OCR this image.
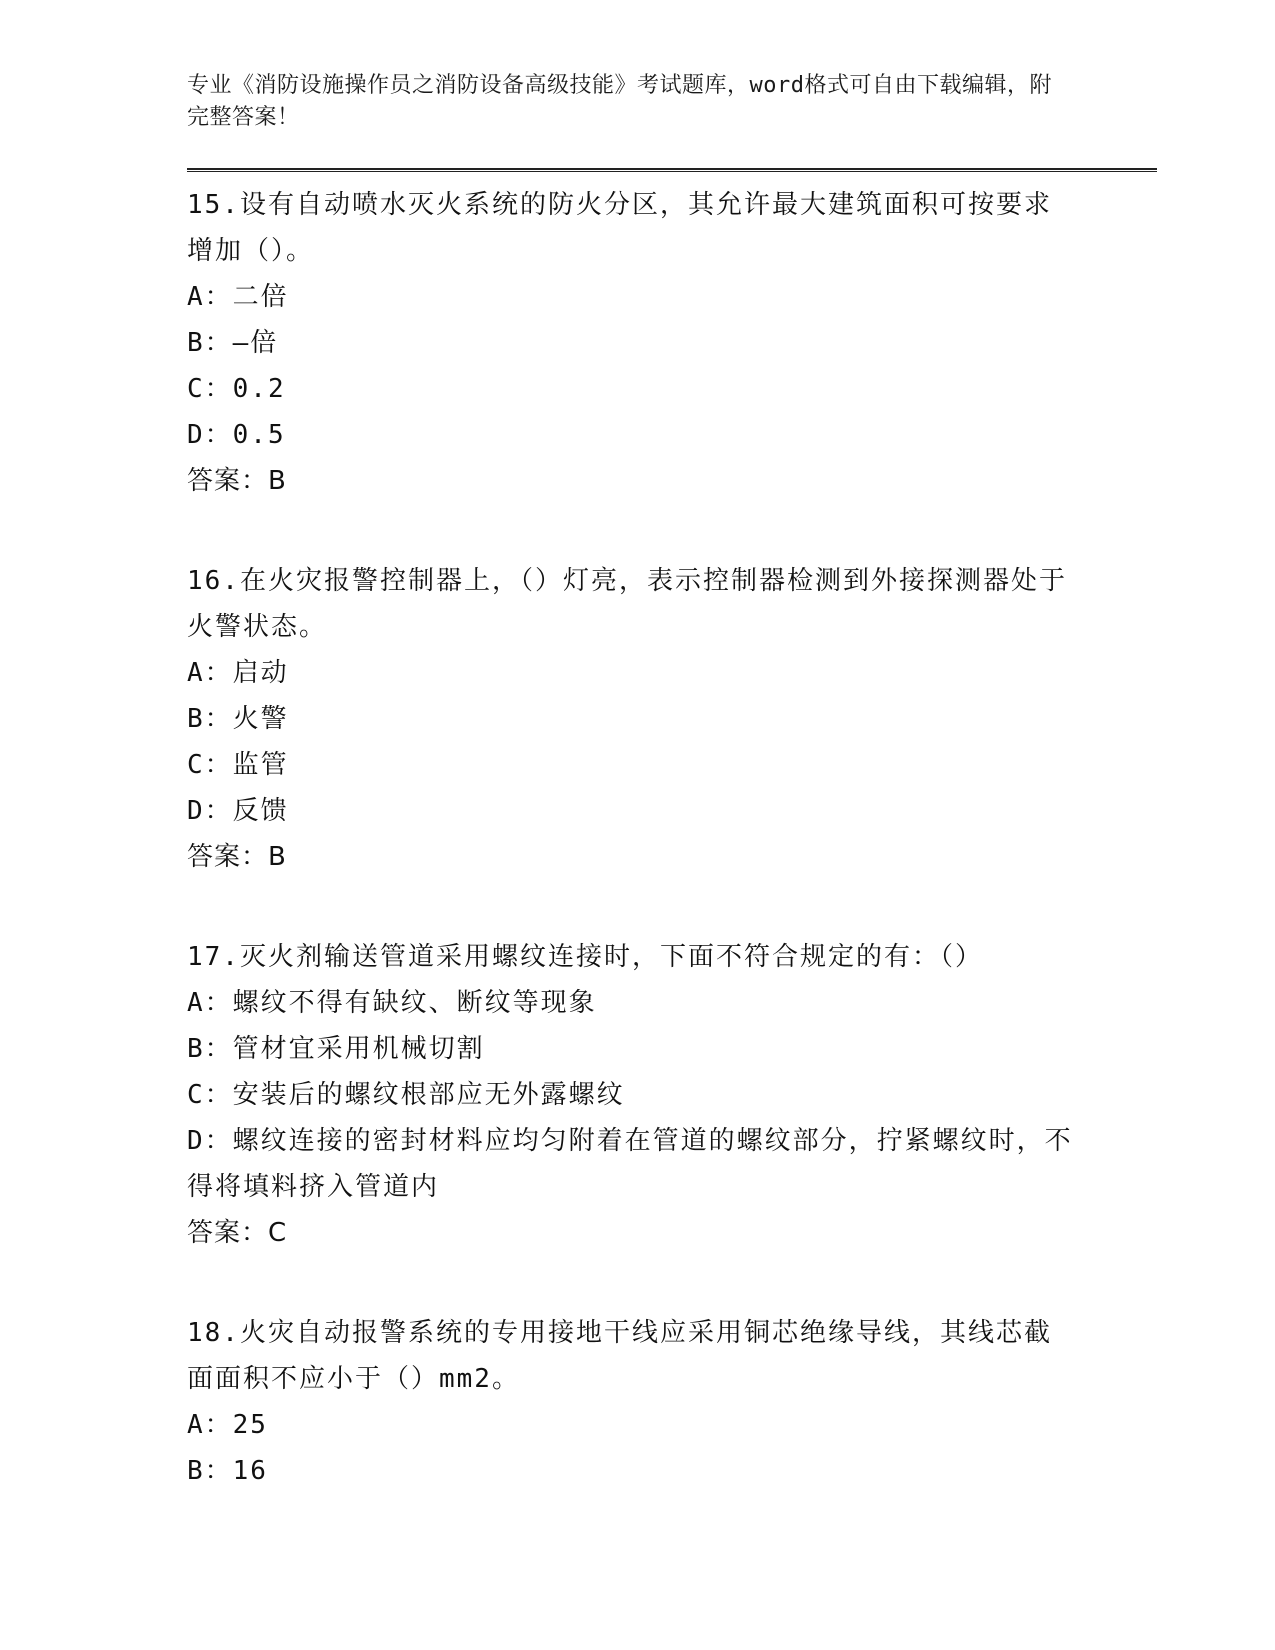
专业《消防设施操作员之消防设备高级技能》考试题库，word格式可自由下载编辑，附完整答案！
15.设有自动喷水灭火系统的防火分区，其允许最大建筑面积可按要求增加（）。
A： 二倍
B： —倍
C： 0.2
D： 0.5
答案：B
16.在火灾报警控制器上，（）灯亮，表示控制器检测到外接探测器处于火警状态。
A： 启动
B： 火警
C： 监管
D： 反馈
答案：B
17.灭火剂输送管道采用螺纹连接时，下面不符合规定的有：（）
A： 螺纹不得有缺纹、断纹等现象
B： 管材宜采用机械切割
C： 安装后的螺纹根部应无外露螺纹
D：螺纹连接的密封材料应均匀附着在管道的螺纹部分，拧紧螺纹时，不得将填料挤入管道内
答案：C
18.火灾自动报警系统的专用接地干线应采用铜芯绝缘导线，其线芯截面面积不应小于（）mm2。
A： 25
B： 16
